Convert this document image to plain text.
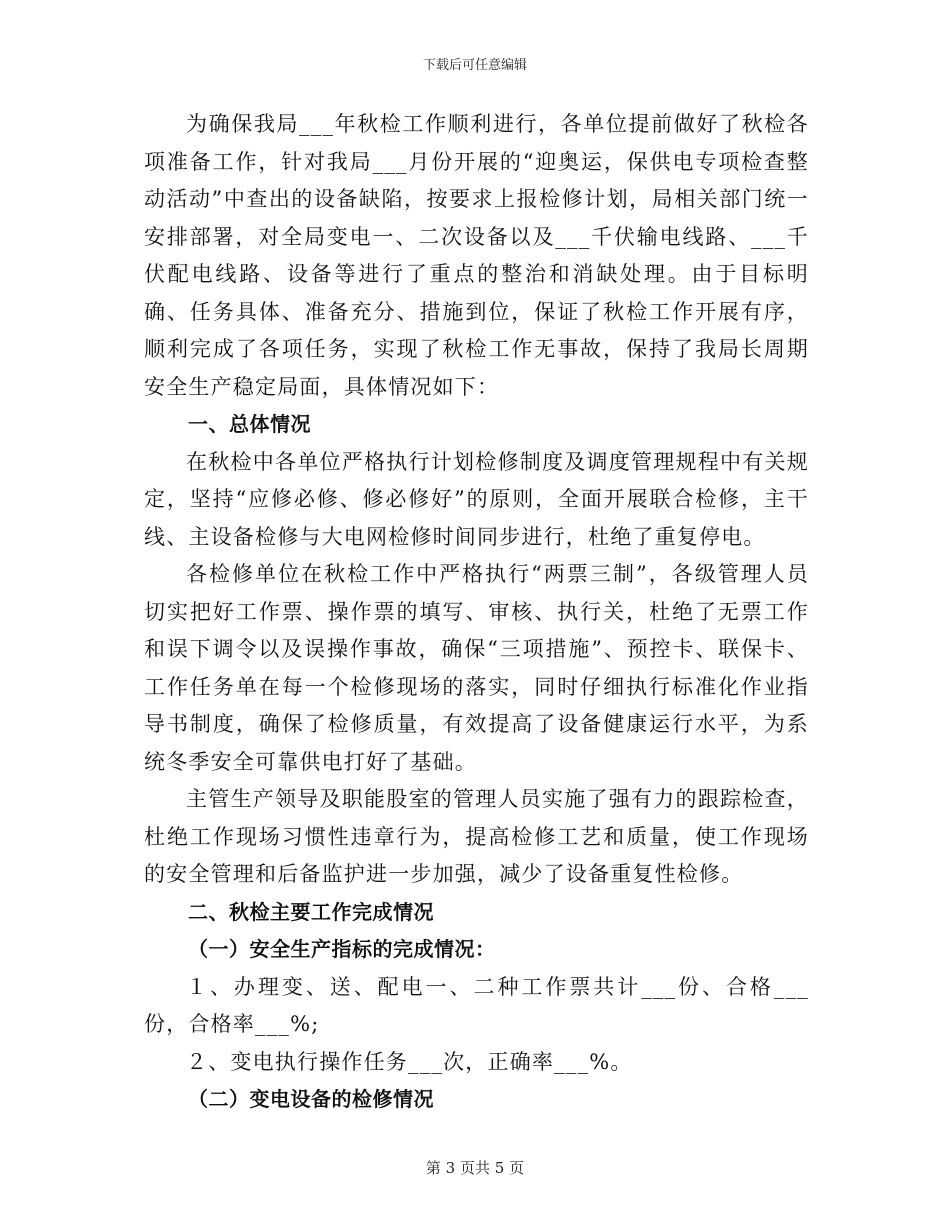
下载后可任意编辑

为确保我局___年秋检工作顺利进行，各单位提前做好了秋检各项准备工作，针对我局___月份开展的“迎奥运，保供电专项检查整动活动”中查出的设备缺陷，按要求上报检修计划，局相关部门统一安排部署，对全局变电一、二次设备以及___千伏输电线路、___千伏配电线路、设备等进行了重点的整治和消缺处理。由于目标明确、任务具体、准备充分、措施到位，保证了秋检工作开展有序，顺利完成了各项任务，实现了秋检工作无事故，保持了我局长周期安全生产稳定局面，具体情况如下：

一、总体情况

在秋检中各单位严格执行计划检修制度及调度管理规程中有关规定，坚持“应修必修、修必修好”的原则，全面开展联合检修，主干线、主设备检修与大电网检修时间同步进行，杜绝了重复停电。

各检修单位在秋检工作中严格执行“两票三制”，各级管理人员切实把好工作票、操作票的填写、审核、执行关，杜绝了无票工作和误下调令以及误操作事故，确保“三项措施”、预控卡、联保卡、工作任务单在每一个检修现场的落实，同时仔细执行标准化作业指导书制度，确保了检修质量，有效提高了设备健康运行水平，为系统冬季安全可靠供电打好了基础。

主管生产领导及职能股室的管理人员实施了强有力的跟踪检查，杜绝工作现场习惯性违章行为，提高检修工艺和质量，使工作现场的安全管理和后备监护进一步加强，减少了设备重复性检修。

二、秋检主要工作完成情况

（一）安全生产指标的完成情况：

１、办理变、送、配电一、二种工作票共计___份、合格___份，合格率___%;

２、变电执行操作任务___次，正确率___%。

（二）变电设备的检修情况

第 3 页共 5 页
